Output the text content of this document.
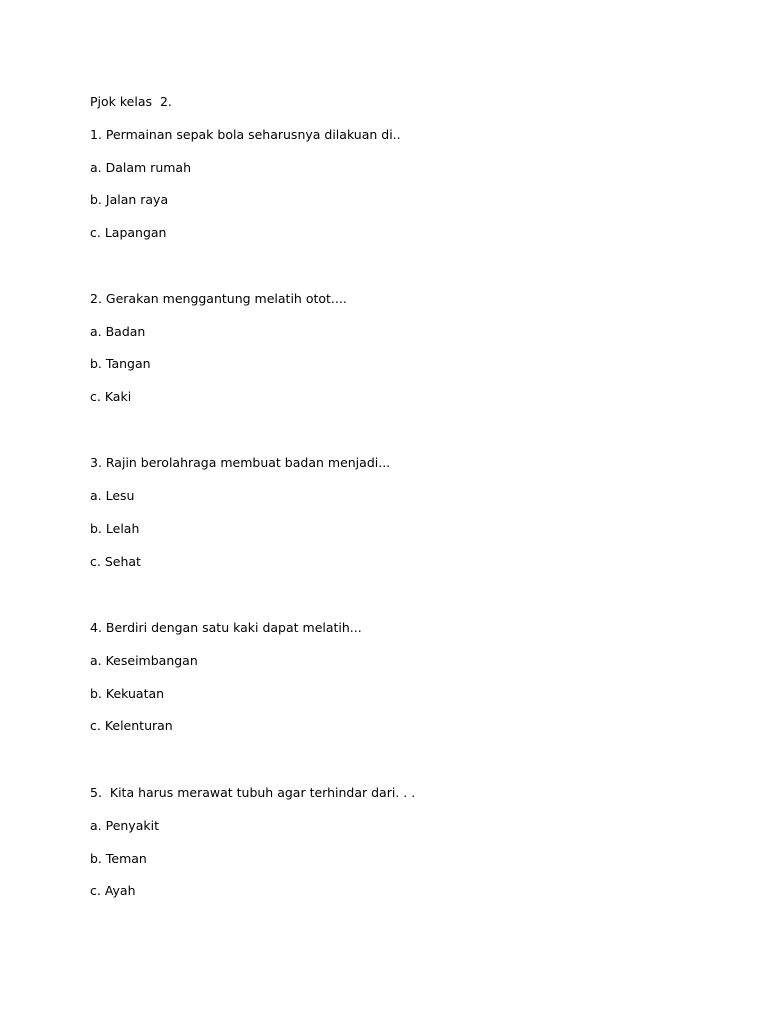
Pjok kelas  2.
1. Permainan sepak bola seharusnya dilakuan di..
a. Dalam rumah
b. Jalan raya
c. Lapangan
2. Gerakan menggantung melatih otot....
a. Badan
b. Tangan
c. Kaki
3. Rajin berolahraga membuat badan menjadi...
a. Lesu
b. Lelah
c. Sehat
4. Berdiri dengan satu kaki dapat melatih...
a. Keseimbangan
b. Kekuatan
c. Kelenturan
5.  Kita harus merawat tubuh agar terhindar dari. . .
a. Penyakit
b. Teman
c. Ayah
